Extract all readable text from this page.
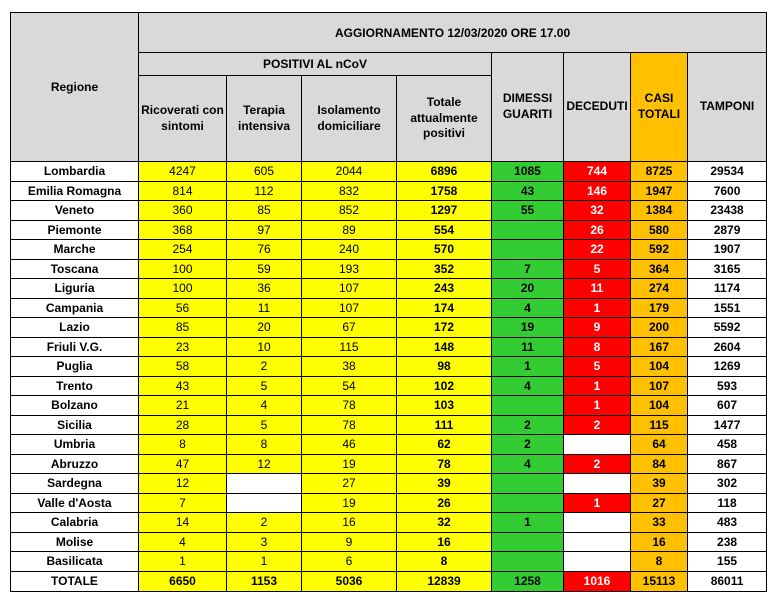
Regione	AGGIORNAMENTO 12/03/2020 ORE 17.00							
	POSITIVI AL nCoV				DIMESSI GUARITI	DECEDUTI	CASI TOTALI	TAMPONI
	Ricoverati con sintomi	Terapia intensiva	Isolamento domiciliare	Totale attualmente positivi				
Lombardia	4247	605	2044	6896	1085	744	8725	29534
Emilia Romagna	814	112	832	1758	43	146	1947	7600
Veneto	360	85	852	1297	55	32	1384	23438
Piemonte	368	97	89	554		26	580	2879
Marche	254	76	240	570		22	592	1907
Toscana	100	59	193	352	7	5	364	3165
Liguria	100	36	107	243	20	11	274	1174
Campania	56	11	107	174	4	1	179	1551
Lazio	85	20	67	172	19	9	200	5592
Friuli V.G.	23	10	115	148	11	8	167	2604
Puglia	58	2	38	98	1	5	104	1269
Trento	43	5	54	102	4	1	107	593
Bolzano	21	4	78	103		1	104	607
Sicilia	28	5	78	111	2	2	115	1477
Umbria	8	8	46	62	2		64	458
Abruzzo	47	12	19	78	4	2	84	867
Sardegna	12		27	39			39	302
Valle d'Aosta	7		19	26		1	27	118
Calabria	14	2	16	32	1		33	483
Molise	4	3	9	16			16	238
Basilicata	1	1	6	8			8	155
TOTALE	6650	1153	5036	12839	1258	1016	15113	86011
